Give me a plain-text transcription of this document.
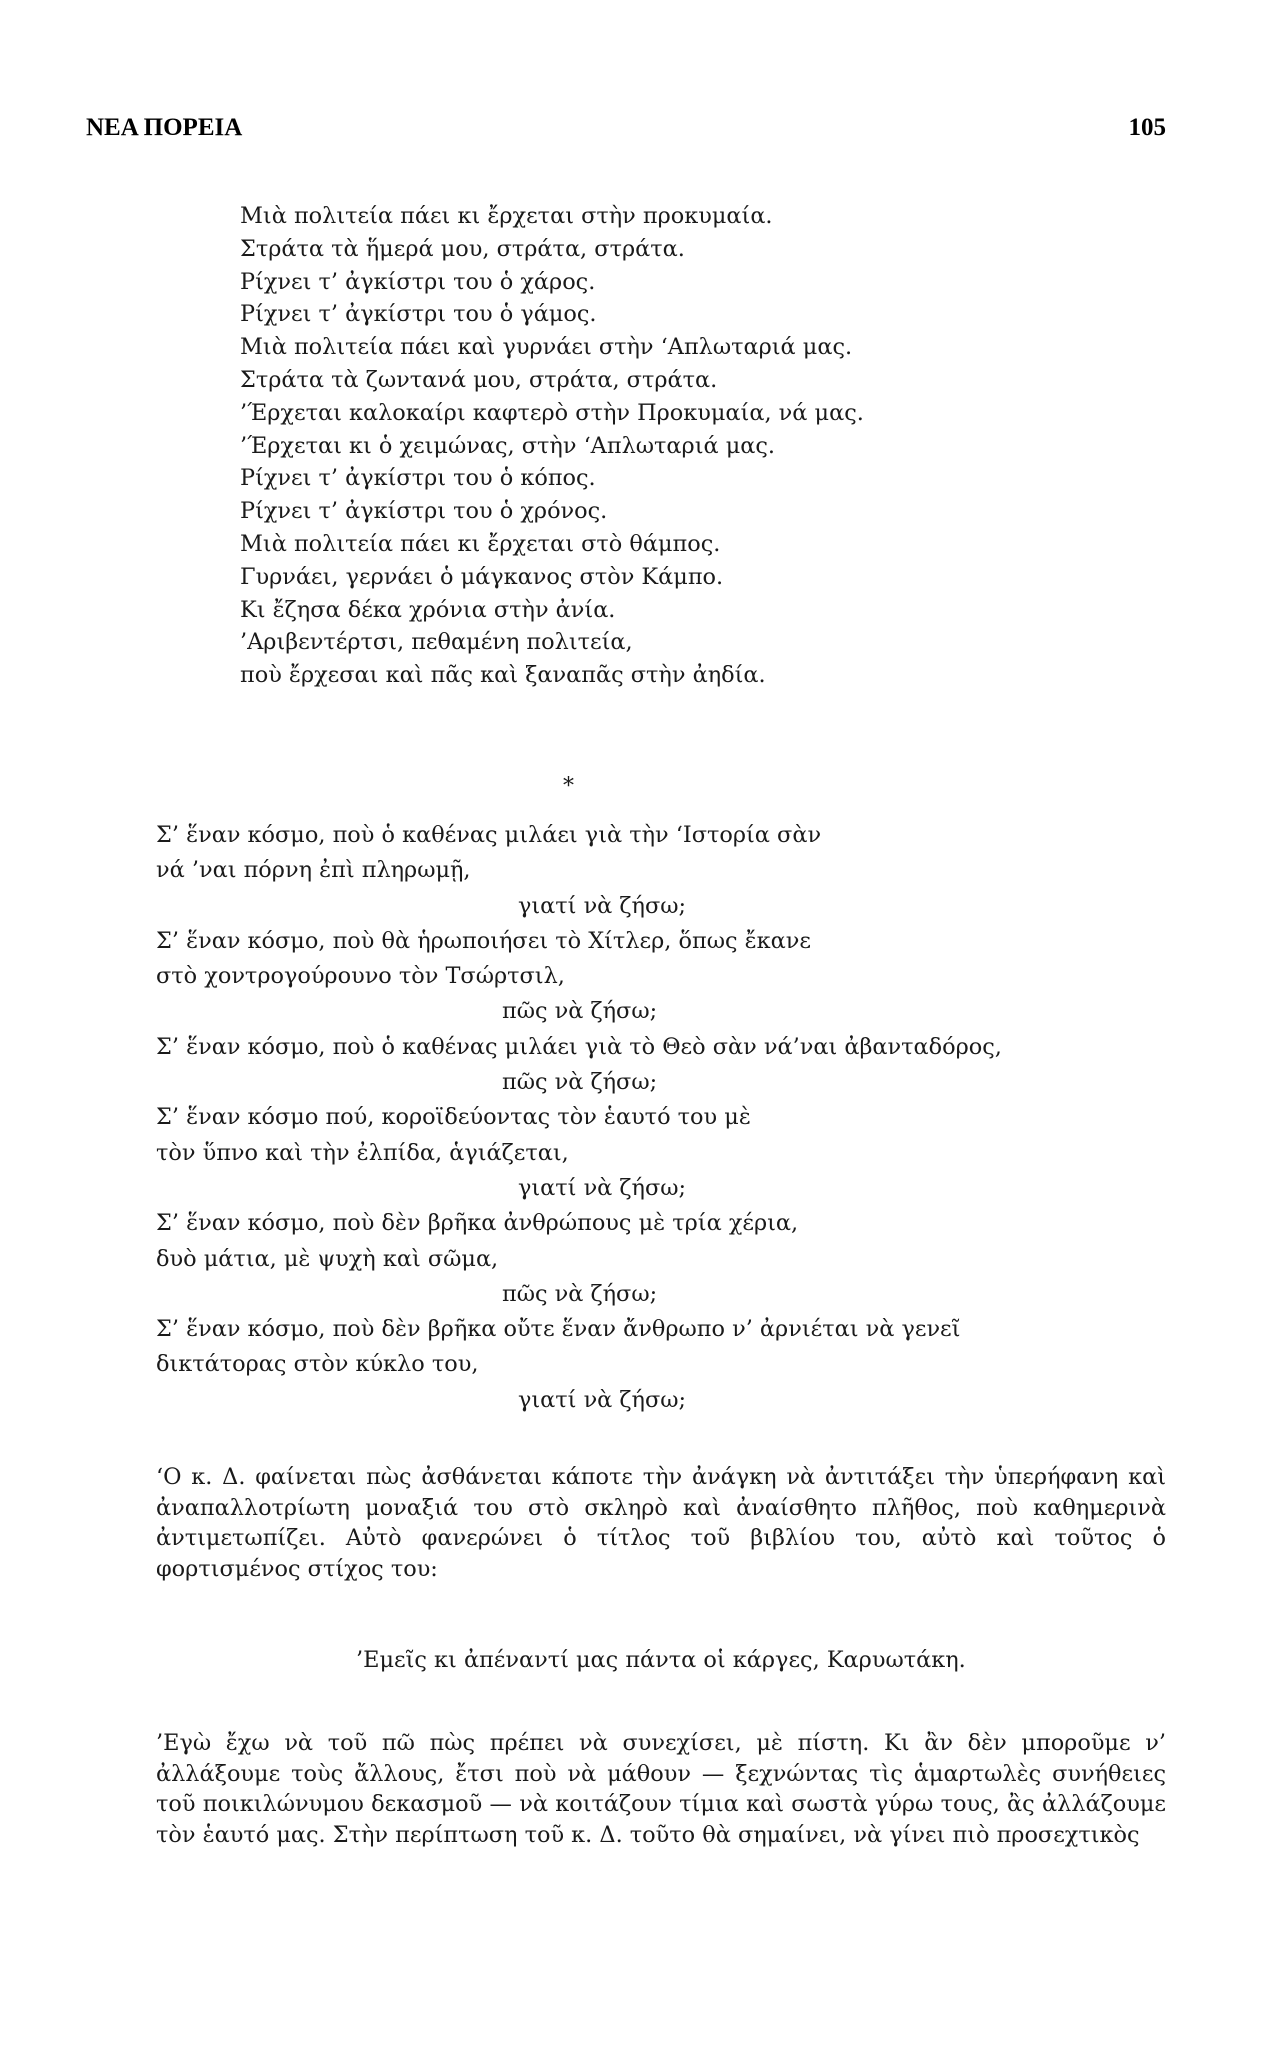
ΝΕΑ ΠΟΡΕΙΑ	105
Μιὰ πολιτεία πάει κι ἔρχεται στὴν προκυμαία.
Στράτα τὰ ἥμερά μου, στράτα, στράτα.
Ρίχνει τ’ ἀγκίστρι του ὁ χάρος.
Ρίχνει τ’ ἀγκίστρι του ὁ γάμος.
Μιὰ πολιτεία πάει καὶ γυρνάει στὴν ‘Απλωταριά μας.
Στράτα τὰ ζωντανά μου, στράτα, στράτα.
’Έρχεται καλοκαίρι καφτερὸ στὴν Προκυμαία, νά μας.
’Έρχεται κι ὁ χειμώνας, στὴν ‘Απλωταριά μας.
Ρίχνει τ’ ἀγκίστρι του ὁ κόπος.
Ρίχνει τ’ ἀγκίστρι του ὁ χρόνος.
Μιὰ πολιτεία πάει κι ἔρχεται στὸ θάμπος.
Γυρνάει, γερνάει ὁ μάγκανος στὸν Κάμπο.
Κι ἔζησα δέκα χρόνια στὴν ἀνία.
’Αριβεντέρτσι, πεθαμένη πολιτεία,
ποὺ ἔρχεσαι καὶ πᾶς καὶ ξαναπᾶς στὴν ἀηδία.
*
Σ’ ἕναν κόσμο, ποὺ ὁ καθένας μιλάει γιὰ τὴν ‘Ιστορία σὰν
νά ’ναι πόρνη ἐπὶ πληρωμῇ,
γιατί νὰ ζήσω;
Σ’ ἕναν κόσμο, ποὺ θὰ ἡρωποιήσει τὸ Χίτλερ, ὅπως ἔκανε
στὸ χοντρογούρουνο τὸν Τσώρτσιλ,
πῶς νὰ ζήσω;
Σ’ ἕναν κόσμο, ποὺ ὁ καθένας μιλάει γιὰ τὸ Θεὸ σὰν νά’ναι ἀβανταδόρος,
πῶς νὰ ζήσω;
Σ’ ἕναν κόσμο πού, κοροϊδεύοντας τὸν ἑαυτό του μὲ
τὸν ὕπνο καὶ τὴν ἐλπίδα, ἁγιάζεται,
γιατί νὰ ζήσω;
Σ’ ἕναν κόσμο, ποὺ δὲν βρῆκα ἀνθρώπους μὲ τρία χέρια,
δυὸ μάτια, μὲ ψυχὴ καὶ σῶμα,
πῶς νὰ ζήσω;
Σ’ ἕναν κόσμο, ποὺ δὲν βρῆκα οὔτε ἕναν ἄνθρωπο ν’ ἀρνιέται νὰ γενεῖ
δικτάτορας στὸν κύκλο του,
γιατί νὰ ζήσω;
‘Ο κ. Δ. φαίνεται πὼς ἀσθάνεται κάποτε τὴν ἀνάγκη νὰ ἀντιτάξει τὴν ὑπερήφανη καὶ ἀναπαλλοτρίωτη μοναξιά του στὸ σκληρὸ καὶ ἀναίσθητο πλῆθος, ποὺ καθημερινὰ ἀντιμετωπίζει. Αὐτὸ φανερώνει ὁ τίτλος τοῦ βιβλίου του, αὐτὸ καὶ τοῦτος ὁ φορτισμένος στίχος του:
’Εμεῖς κι ἀπέναντί μας πάντα οἱ κάργες, Καρυωτάκη.
’Εγὼ ἔχω νὰ τοῦ πῶ πὼς πρέπει νὰ συνεχίσει, μὲ πίστη. Κι ἂν δὲν μποροῦμε ν’ ἀλλάξουμε τοὺς ἄλλους, ἔτσι ποὺ νὰ μάθουν — ξεχνώντας τὶς ἁμαρτωλὲς συνήθειες τοῦ ποικιλώνυμου δεκασμοῦ — νὰ κοιτάζουν τίμια καὶ σωστὰ γύρω τους, ἂς ἀλλάζουμε τὸν ἑαυτό μας. Στὴν περίπτωση τοῦ κ. Δ. τοῦτο θὰ σημαίνει, νὰ γίνει πιὸ προσεχτικὸς
